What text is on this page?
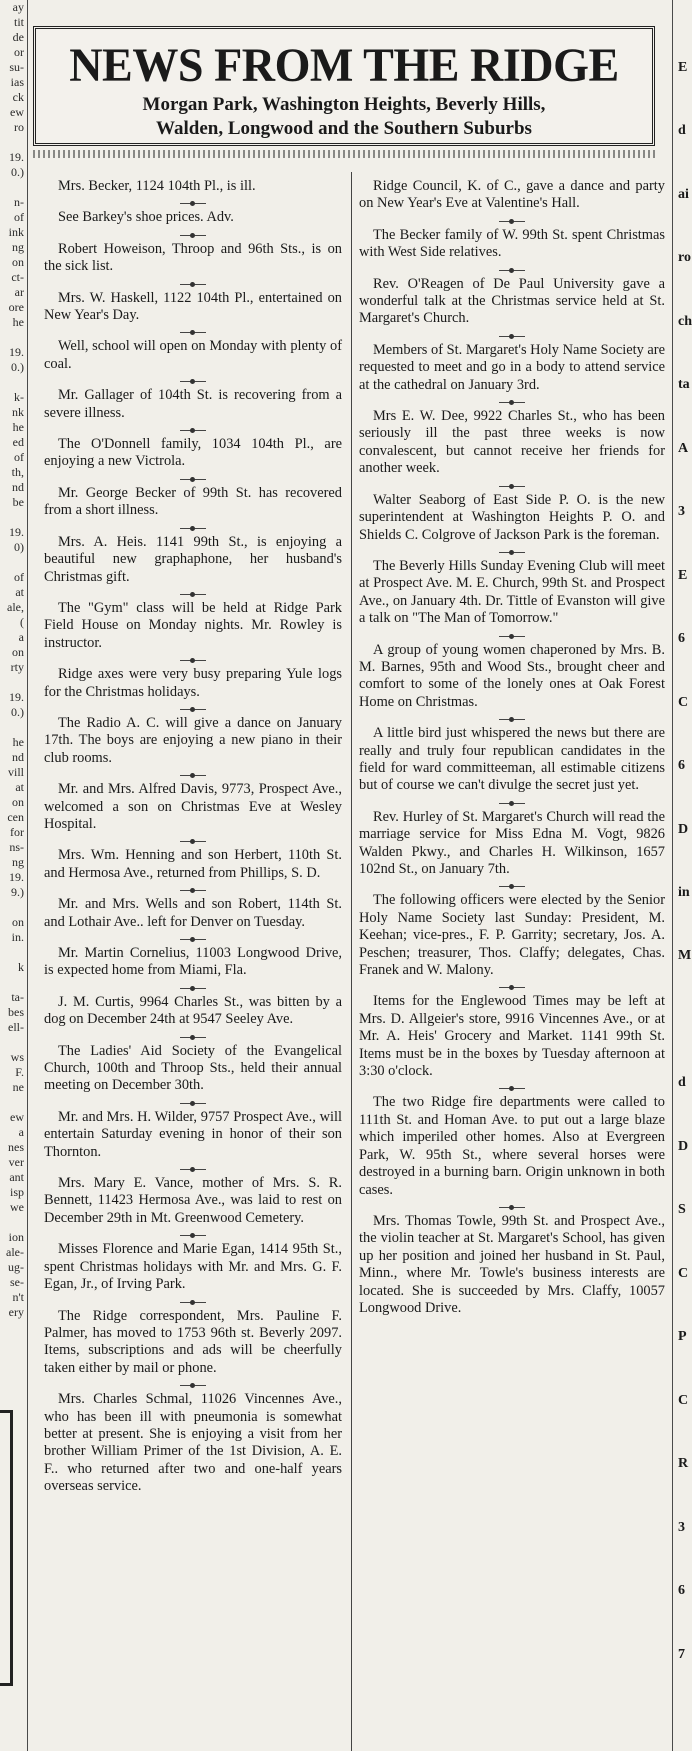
ay
tit
de
or
su-
ias
ck
ew
ro

19.
0.)

n-
of
ink
ng
on
ct-
ar
ore
he

19.
0.)

k-
nk
he
ed
of
th,
nd
be

19.
0)

of
at
ale,
(
a
on
rty

19.
0.)

he
nd
vill
at
on
cen
for
ns-
ng
19.
9.)

on
in.

k

ta-
bes
ell-

ws
F.
ne

ew
a
nes
ver
ant
isp
we

ion
ale-
ug-
se-
n't
ery
E
d
ai
ro
ch
ta
A
3
E
6
C
6
D
in
M
d
D
S
C
P
C
R
3
6
7
NEWS FROM THE RIDGE
Morgan Park, Washington Heights, Beverly Hills,
Walden, Longwood and the Southern Suburbs

Mrs. Becker, 1124 104th Pl., is ill.

See Barkey's shoe prices. Adv.

Robert Howeison, Throop and 96th Sts., is on the sick list.

Mrs. W. Haskell, 1122 104th Pl., entertained on New Year's Day.

Well, school will open on Monday with plenty of coal.

Mr. Gallager of 104th St. is recovering from a severe illness.

The O'Donnell family, 1034 104th Pl., are enjoying a new Victrola.

Mr. George Becker of 99th St. has recovered from a short illness.

Mrs. A. Heis. 1141 99th St., is enjoying a beautiful new graphaphone, her husband's Christmas gift.

The "Gym" class will be held at Ridge Park Field House on Monday nights. Mr. Rowley is instructor.

Ridge axes were very busy preparing Yule logs for the Christmas holidays.

The Radio A. C. will give a dance on January 17th. The boys are enjoying a new piano in their club rooms.

Mr. and Mrs. Alfred Davis, 9773, Prospect Ave., welcomed a son on Christmas Eve at Wesley Hospital.

Mrs. Wm. Henning and son Herbert, 110th St. and Hermosa Ave., returned from Phillips, S. D.

Mr. and Mrs. Wells and son Robert, 114th St. and Lothair Ave.. left for Denver on Tuesday.

Mr. Martin Cornelius, 11003 Longwood Drive, is expected home from Miami, Fla.

J. M. Curtis, 9964 Charles St., was bitten by a dog on December 24th at 9547 Seeley Ave.

The Ladies' Aid Society of the Evangelical Church, 100th and Throop Sts., held their annual meeting on December 30th.

Mr. and Mrs. H. Wilder, 9757 Prospect Ave., will entertain Saturday evening in honor of their son Thornton.

Mrs. Mary E. Vance, mother of Mrs. S. R. Bennett, 11423 Hermosa Ave., was laid to rest on December 29th in Mt. Greenwood Cemetery.

Misses Florence and Marie Egan, 1414 95th St., spent Christmas holidays with Mr. and Mrs. G. F. Egan, Jr., of Irving Park.

The Ridge correspondent, Mrs. Pauline F. Palmer, has moved to 1753 96th st. Beverly 2097. Items, subscriptions and ads will be cheerfully taken either by mail or phone.

Mrs. Charles Schmal, 11026 Vincennes Ave., who has been ill with pneumonia is somewhat better at present. She is enjoying a visit from her brother William Primer of the 1st Division, A. E. F.. who returned after two and one-half years overseas service.

Ridge Council, K. of C., gave a dance and party on New Year's Eve at Valentine's Hall.

The Becker family of W. 99th St. spent Christmas with West Side relatives.

Rev. O'Reagen of De Paul University gave a wonderful talk at the Christmas service held at St. Margaret's Church.

Members of St. Margaret's Holy Name Society are requested to meet and go in a body to attend service at the cathedral on January 3rd.

Mrs E. W. Dee, 9922 Charles St., who has been seriously ill the past three weeks is now convalescent, but cannot receive her friends for another week.

Walter Seaborg of East Side P. O. is the new superintendent at Washington Heights P. O. and Shields C. Colgrove of Jackson Park is the foreman.

The Beverly Hills Sunday Evening Club will meet at Prospect Ave. M. E. Church, 99th St. and Prospect Ave., on January 4th. Dr. Tittle of Evanston will give a talk on "The Man of Tomorrow."

A group of young women chaperoned by Mrs. B. M. Barnes, 95th and Wood Sts., brought cheer and comfort to some of the lonely ones at Oak Forest Home on Christmas.

A little bird just whispered the news but there are really and truly four republican candidates in the field for ward committeeman, all estimable citizens but of course we can't divulge the secret just yet.

Rev. Hurley of St. Margaret's Church will read the marriage service for Miss Edna M. Vogt, 9826 Walden Pkwy., and Charles H. Wilkinson, 1657 102nd St., on January 7th.

The following officers were elected by the Senior Holy Name Society last Sunday: President, M. Keehan; vice-pres., F. P. Garrity; secretary, Jos. A. Peschen; treasurer, Thos. Claffy; delegates, Chas. Franek and W. Malony.

Items for the Englewood Times may be left at Mrs. D. Allgeier's store, 9916 Vincennes Ave., or at Mr. A. Heis' Grocery and Market. 1141 99th St. Items must be in the boxes by Tuesday afternoon at 3:30 o'clock.

The two Ridge fire departments were called to 111th St. and Homan Ave. to put out a large blaze which imperiled other homes. Also at Evergreen Park, W. 95th St., where several horses were destroyed in a burning barn. Origin unknown in both cases.

Mrs. Thomas Towle, 99th St. and Prospect Ave., the violin teacher at St. Margaret's School, has given up her position and joined her husband in St. Paul, Minn., where Mr. Towle's business interests are located. She is succeeded by Mrs. Claffy, 10057 Longwood Drive.
